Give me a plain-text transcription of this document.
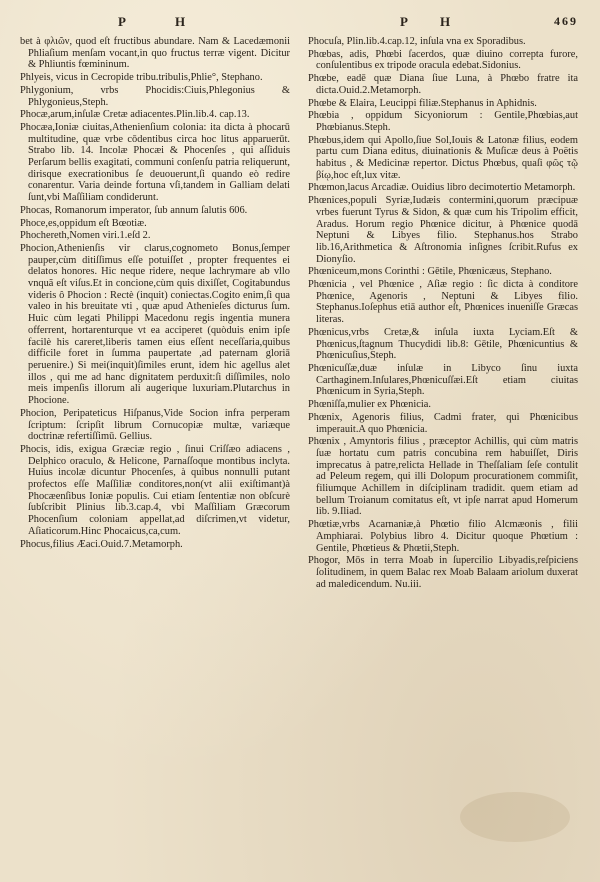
P	H	P H	469

bet à φλιῶν, quod eſt fructibus abundare. Nam & Lacedæmonii Phliaſium menſam vocant,in quo fructus terræ vigent. Dicitur & Phliuntis fœmininum.

Phlyeis, vicus in Cecropide tribu.tribulis,Phlie°, Stephano.

Phlygonium, vrbs Phocidis:Ciuis,Phlegonius & Phlygonieus,Steph.

Phocæ,arum,inſulæ Cretæ adiacentes.Plin.lib.4. cap.13.

Phocæa,Ioniæ ciuitas,Athenienſium colonia: ita dicta à phocarū multitudine, quæ vrbe cōdentibus circa hoc litus apparuerūt. Strabo lib. 14. Incolæ Phocæi & Phocenſes , qui aſſiduis Perſarum bellis exagitati, communi conſenſu patria reliquerunt, dirisque execrationibus ſe deuouerunt,ſi quando eò redire conarentur. Varia deinde fortuna vſi,tandem in Galliam delati ſunt,vbi Maſſiliam condiderunt.

Phocas, Romanorum imperator, ſub annum ſalutis 606.

Phoce,es,oppidum eſt Bœotiæ.

Phochereth,Nomen viri.1.eſd 2.

Phocion,Athenienſis vir clarus,cognometo Bonus,ſemper pauper,cùm ditiſſimus eſſe potuiſſet , propter frequentes ei delatos honores. Hic neque ridere, neque lachrymare ab vllo vnquã eſt viſus.Et in concione,cùm quis dixiſſet, Cogitabundus videris ô Phocion : Rectè (inquit) coniectas.Cogito enim,ſi qua valeo in his breuitate vti , quæ apud Athenieſes dicturus ſum. Huic cùm legati Philippi Macedonu regis ingentia munera offerrent, hortarenturque vt ea acciperet (quòduis enim ipſe facilè his careret,liberis tamen eius eſſent neceſſaria,quibus difficile foret in ſumma paupertate ,ad paternam gloriā peruenire.) Si mei(inquit)ſimiles erunt, idem hic agellus alet illos , qui me ad hanc dignitatem perduxit:ſi diſſimiles, nolo meis impenſis illorum ali augerique luxuriam.Plutarchus in Phocione.

Phocion, Peripateticus Hiſpanus,Vide Socion infra perperam ſcriptum: ſcripſit librum Cornucopiæ multæ, variæque doctrinæ refertiſſimū. Gellius.

Phocis, idis, exigua Græciæ regio , ſinui Criſſæo adiacens , Delphico oraculo, & Helicone, Parnaſſoque montibus inclyta. Huius incolæ dicuntur Phocenſes, à quibus nonnulli putant profectos eſſe Maſſiliæ conditores,non(vt alii exiſtimant)à Phocæenſibus Ioniæ populis. Cui etiam ſententiæ non obſcurè ſubſcribit Plinius lib.3.cap.4, vbi Maſſiliam Græcorum Phocenſium coloniam appellat,ad diſcrimen,vt videtur, Aſiaticorum.Hinc Phocaicus,ca,cum.

Phocus,filius Æaci.Ouid.7.Metamorph.

Phocuſa, Plin.lib.4.cap.12, inſula vna ex Sporadibus.

Phœbas, adis, Phœbi ſacerdos, quæ diuino correpta furore, conſulentibus ex tripode oracula edebat.Sidonius.

Phœbe, eadē quæ Diana ſiue Luna, à Phœbo fratre ita dicta.Ouid.2.Metamorph.

Phœbe & Elaira, Leucippi filiæ.Stephanus in Aphidnis.

Phœbia , oppidum Sicyoniorum : Gentile,Phœbias,aut Phœbianus.Steph.

Phœbus,idem qui Apollo,ſiue Sol,Iouis & Latonæ filius, eodem partu cum Diana editus, diuinationis & Muſicæ deus à Poëtis habitus , & Medicinæ repertor. Dictus Phœbus, quaſi φῶς τῷ βίῳ,hoc eſt,lux vitæ.

Phœmon,lacus Arcadiæ. Ouidius libro decimotertio Metamorph.

Phœnices,populi Syriæ,Iudæis contermini,quorum præcipuæ vrbes fuerunt Tyrus & Sidon, & quæ cum his Tripolim efficit, Aradus. Horum regio Phœnice dicitur, à Phœnice quodā Neptuni & Libyes filio. Stephanus.hos Strabo lib.16,Arithmetica & Aſtronomia inſignes ſcribit.Rufus ex Dionyſio.

Phœniceum,mons Corinthi : Gētile, Phœnicæus, Stephano.

Phœnicia , vel Phœnice , Aſiæ regio : ſic dicta à conditore Phœnice, Agenoris , Neptuni & Libyes filio. Stephanus.Ioſephus etiā author eſt, Phœnices inueniſſe Græcas literas.

Phœnicus,vrbs Cretæ,& inſula iuxta Lyciam.Eſt & Phœnicus,ſtagnum Thucydidi lib.8: Gētile, Phœnicuntius & Phœnicuſius,Steph.

Phœnicuſſæ,duæ inſulæ in Libyco ſinu iuxta Carthaginem.Inſulares,Phœnicuſſæi.Eſt etiam ciuitas Phœnicum in Syria,Steph.

Phœniſſa,mulier ex Phœnicia.

Phœnix, Agenoris filius, Cadmi frater, qui Phœnicibus imperauit.A quo Phœnicia.

Phœnix , Amyntoris filius , præceptor Achillis, qui cùm matris ſuæ hortatu cum patris concubina rem habuiſſet, Diris imprecatus à patre,relicta Hellade in Theſſaliam ſeſe contulit ad Peleum regem, qui illi Dolopum procurationem commiſit, filiumque Achillem in diſciplinam tradidit. quem etiam ad bellum Troianum comitatus eſt, vt ipſe narrat apud Homerum lib. 9.Iliad.

Phœtiæ,vrbs Acarnaniæ,à Phœtio filio Alcmæonis , filii Amphiarai. Polybius libro 4. Dicitur quoque Phœtium : Gentile, Phœtieus & Phœtii,Steph.

Phogor, Mōs in terra Moab in ſupercilio Libyadis,reſpiciens ſolitudinem, in quem Balac rex Moab Balaam ariolum duxerat ad maledicendum. Nu.iii.
